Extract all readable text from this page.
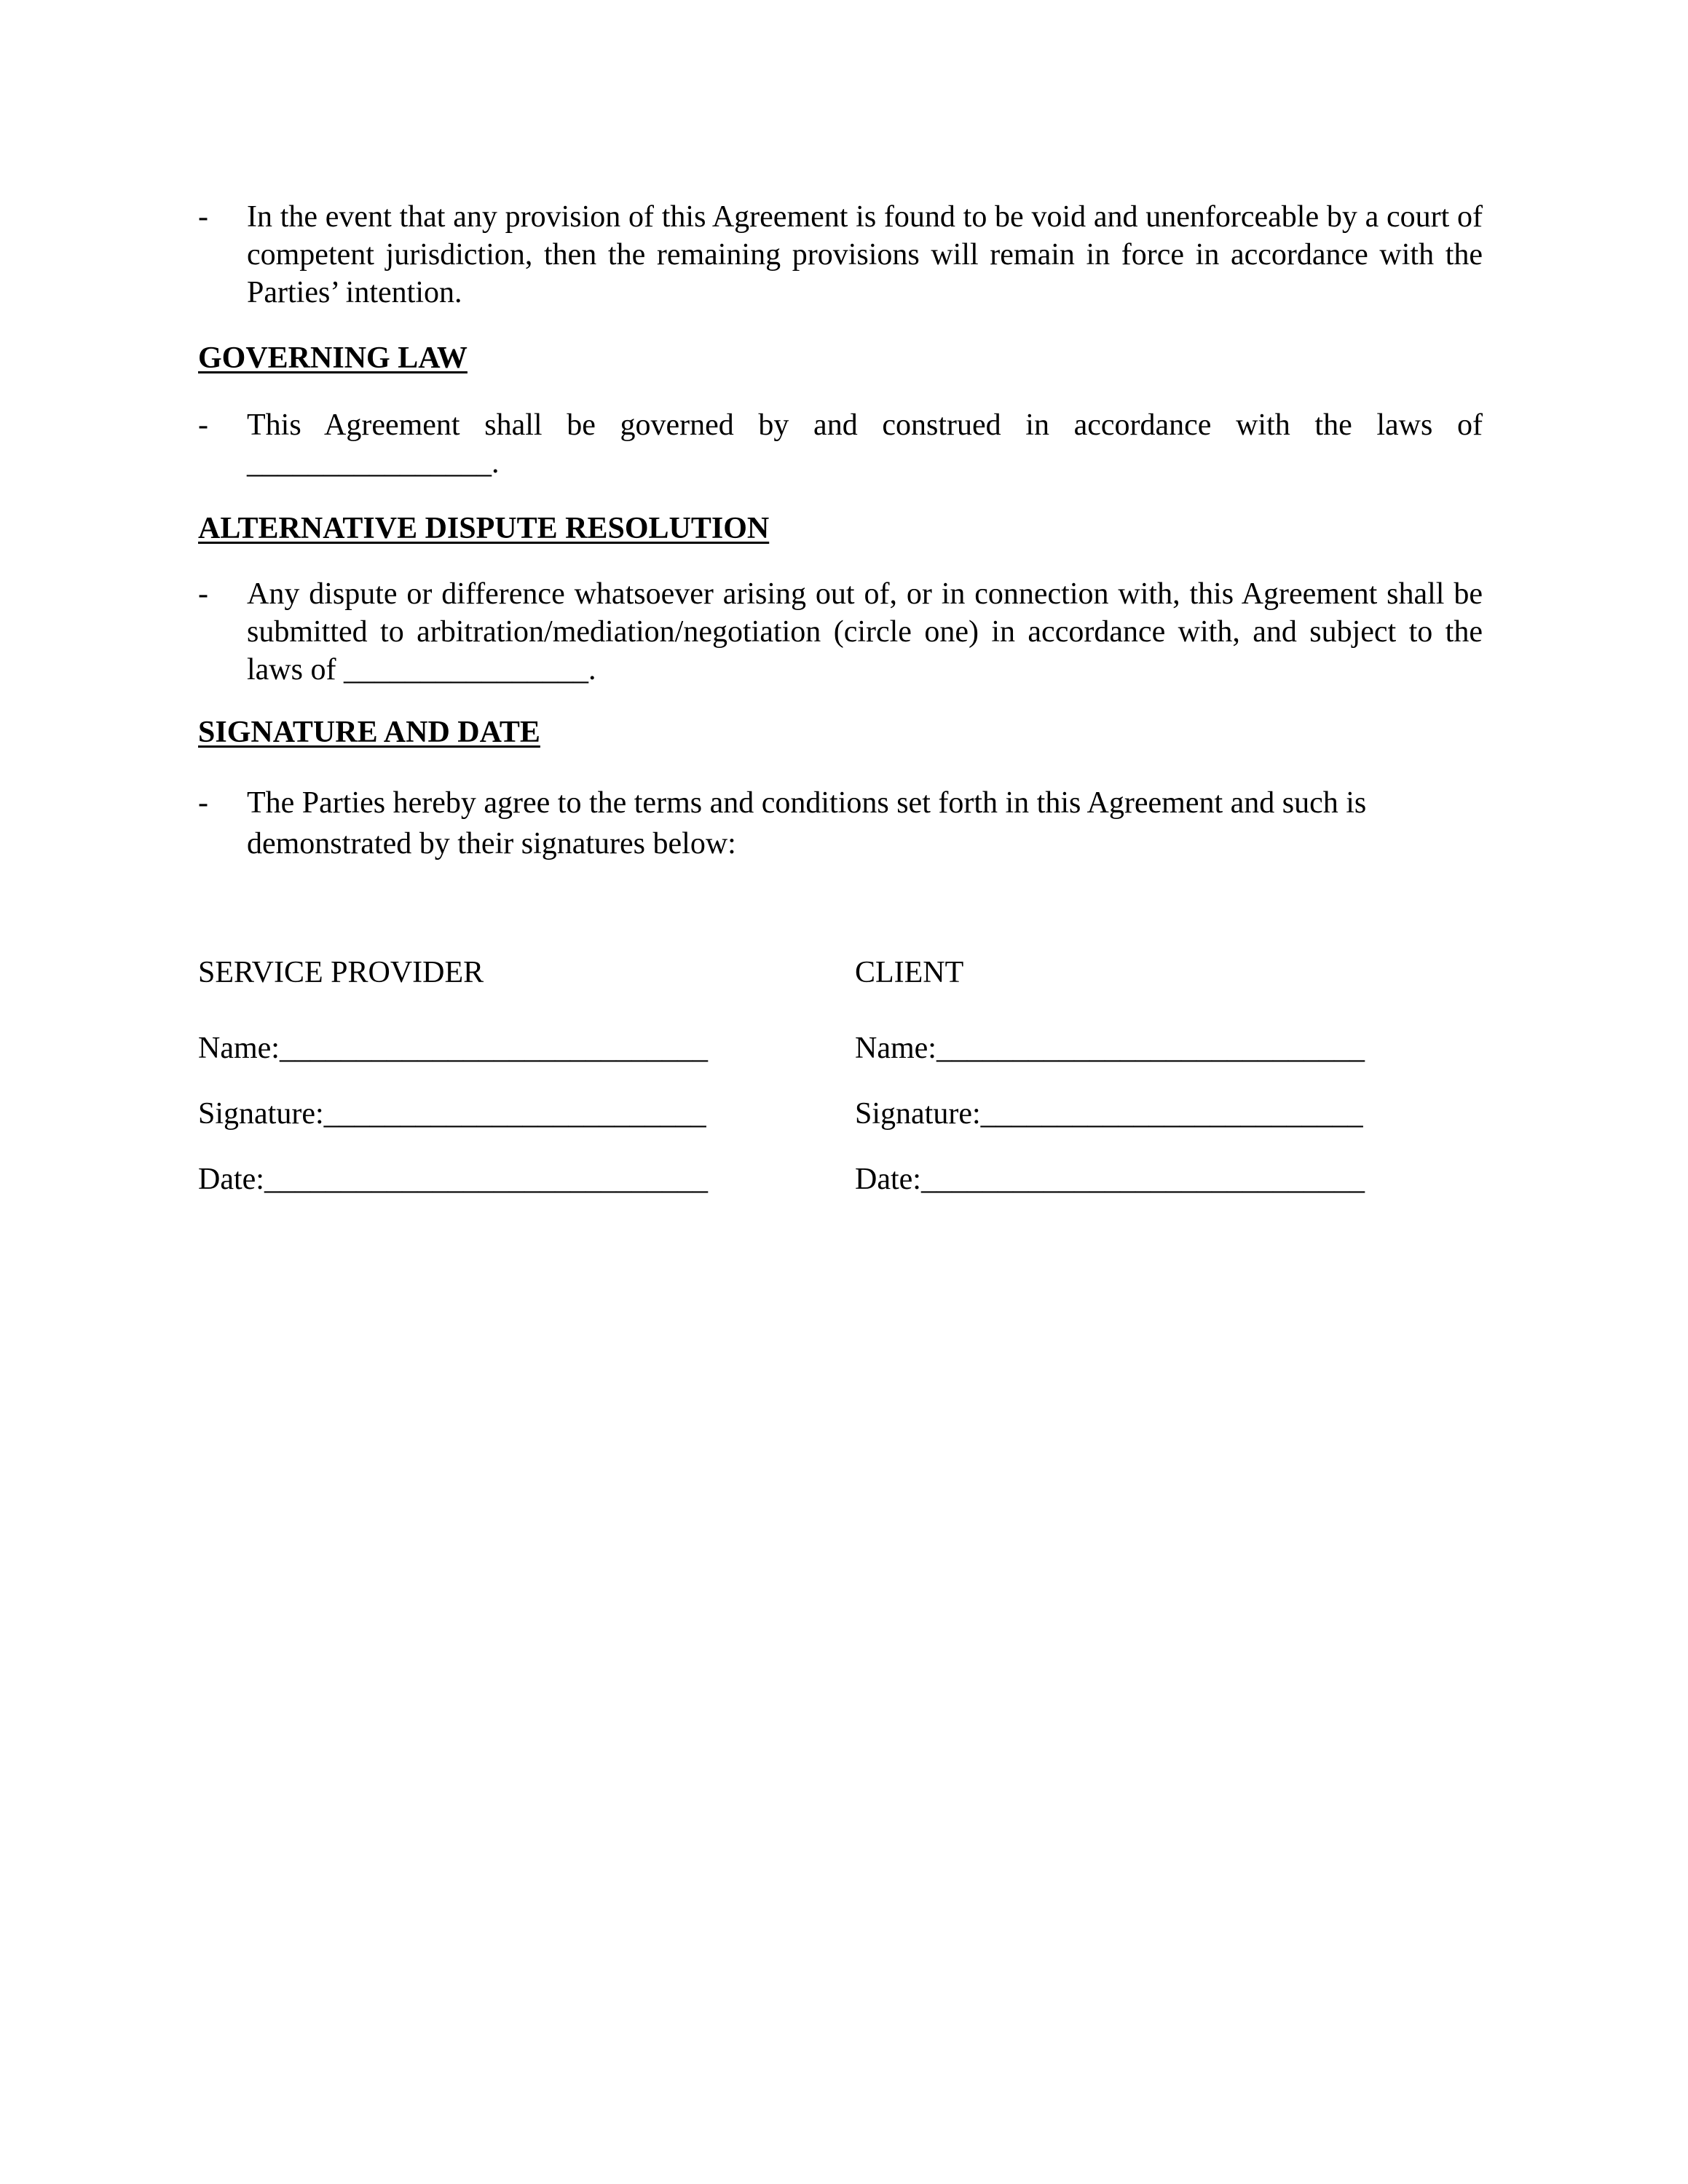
-	In the event that any provision of this Agreement is found to be void and unenforceable by a court of competent jurisdiction, then the remaining provisions will remain in force in accordance with the Parties’ intention.
GOVERNING LAW
-	This Agreement shall be governed by and construed in accordance with the laws of ________________.
ALTERNATIVE DISPUTE RESOLUTION
-	Any dispute or difference whatsoever arising out of, or in connection with, this Agreement shall be submitted to arbitration/mediation/negotiation (circle one) in accordance with, and subject to the laws of ________________.
SIGNATURE AND DATE
-	The Parties hereby agree to the terms and conditions set forth in this Agreement and such is demonstrated by their signatures below:
SERVICE PROVIDER
Name:____________________________
Signature:_________________________
Date:_____________________________
CLIENT
Name:____________________________
Signature:_________________________
Date:_____________________________
